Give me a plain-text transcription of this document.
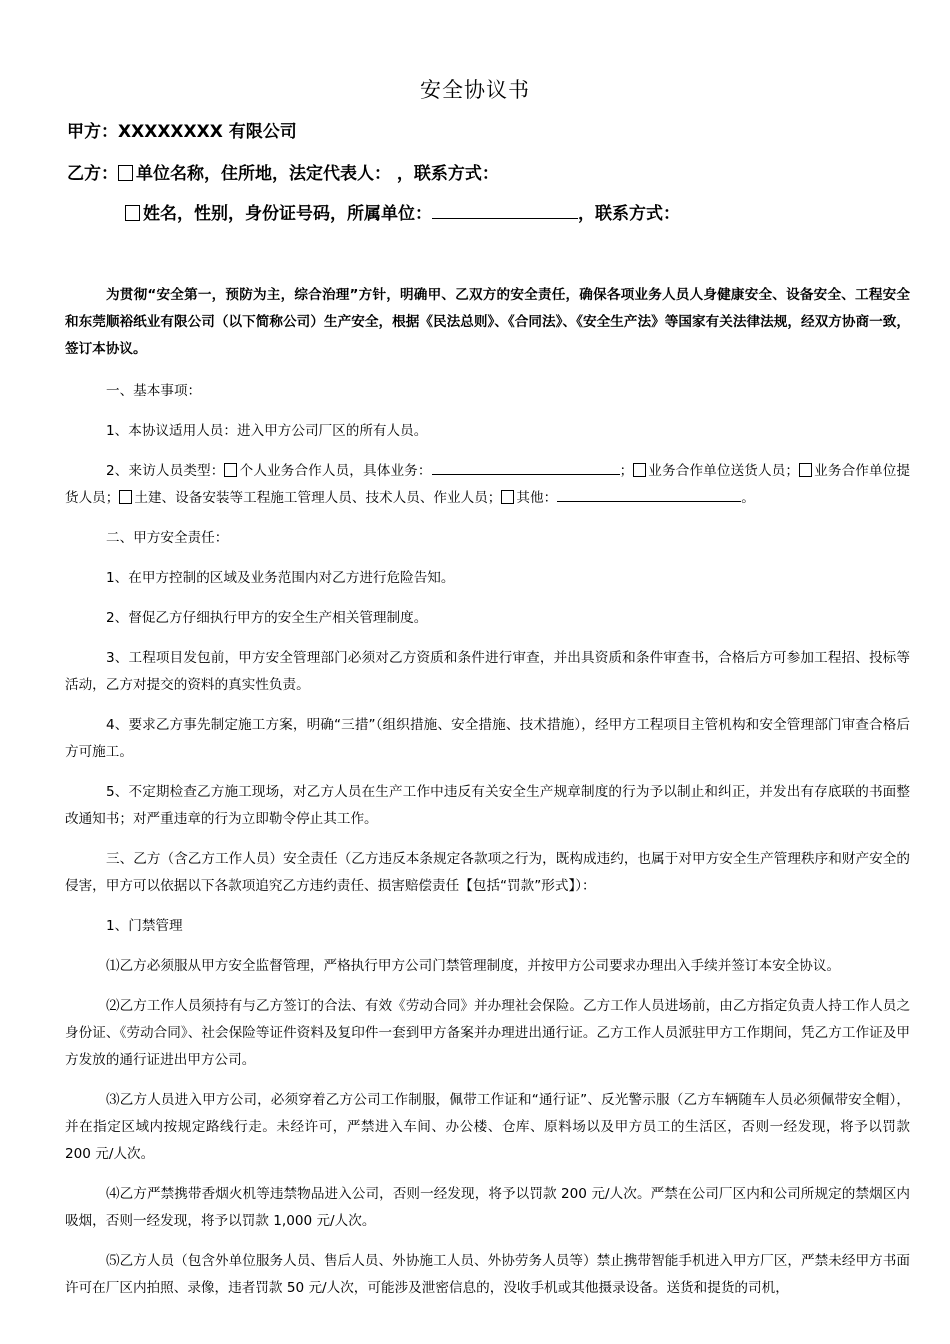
安全协议书
甲方：XXXXXXXX 有限公司
乙方： 单位名称，住所地，法定代表人： ，联系方式：
姓名，性别，身份证号码，所属单位：	，联系方式：

为贯彻“安全第一，预防为主，综合治理”方针，明确甲、乙双方的安全责任，确保各项业务人员人身健康安全、设备安全、工程安全和东莞顺裕纸业有限公司（以下简称公司）生产安全，根据《民法总则》、《合同法》、《安全生产法》等国家有关法律法规，经双方协商一致，签订本协议。

一、基本事项：

1、本协议适用人员：进入甲方公司厂区的所有人员。

2、来访人员类型： 个人业务合作人员，具体业务：	； 业务合作单位送货人员； 业务合作单位提货人员； 土建、设备安装等工程施工管理人员、技术人员、作业人员； 其他：	。

二、甲方安全责任：

1、在甲方控制的区域及业务范围内对乙方进行危险告知。

2、督促乙方仔细执行甲方的安全生产相关管理制度。

3、工程项目发包前，甲方安全管理部门必须对乙方资质和条件进行审查，并出具资质和条件审查书，合格后方可参加工程招、投标等活动，乙方对提交的资料的真实性负责。

4、要求乙方事先制定施工方案，明确“三措”（组织措施、安全措施、技术措施），经甲方工程项目主管机构和安全管理部门审查合格后方可施工。

5、不定期检查乙方施工现场，对乙方人员在生产工作中违反有关安全生产规章制度的行为予以制止和纠正，并发出有存底联的书面整改通知书；对严重违章的行为立即勒令停止其工作。

三、乙方（含乙方工作人员）安全责任（乙方违反本条规定各款项之行为，既构成违约，也属于对甲方安全生产管理秩序和财产安全的侵害，甲方可以依据以下各款项追究乙方违约责任、损害赔偿责任【包括“罚款”形式】）：

1、门禁管理

⑴乙方必须服从甲方安全监督管理，严格执行甲方公司门禁管理制度，并按甲方公司要求办理出入手续并签订本安全协议。

⑵乙方工作人员须持有与乙方签订的合法、有效《劳动合同》并办理社会保险。乙方工作人员进场前，由乙方指定负责人持工作人员之身份证、《劳动合同》、社会保险等证件资料及复印件一套到甲方备案并办理进出通行证。乙方工作人员派驻甲方工作期间，凭乙方工作证及甲方发放的通行证进出甲方公司。

⑶乙方人员进入甲方公司，必须穿着乙方公司工作制服，佩带工作证和“通行证”、反光警示服（乙方车辆随车人员必须佩带安全帽），并在指定区域内按规定路线行走。未经许可，严禁进入车间、办公楼、仓库、原料场以及甲方员工的生活区，否则一经发现，将予以罚款 200 元/人次。

⑷乙方严禁携带香烟火机等违禁物品进入公司，否则一经发现，将予以罚款 200 元/人次。严禁在公司厂区内和公司所规定的禁烟区内吸烟，否则一经发现，将予以罚款 1,000 元/人次。

⑸乙方人员（包含外单位服务人员、售后人员、外协施工人员、外协劳务人员等）禁止携带智能手机进入甲方厂区，严禁未经甲方书面许可在厂区内拍照、录像，违者罚款 50 元/人次，可能涉及泄密信息的，没收手机或其他摄录设备。送货和提货的司机，
